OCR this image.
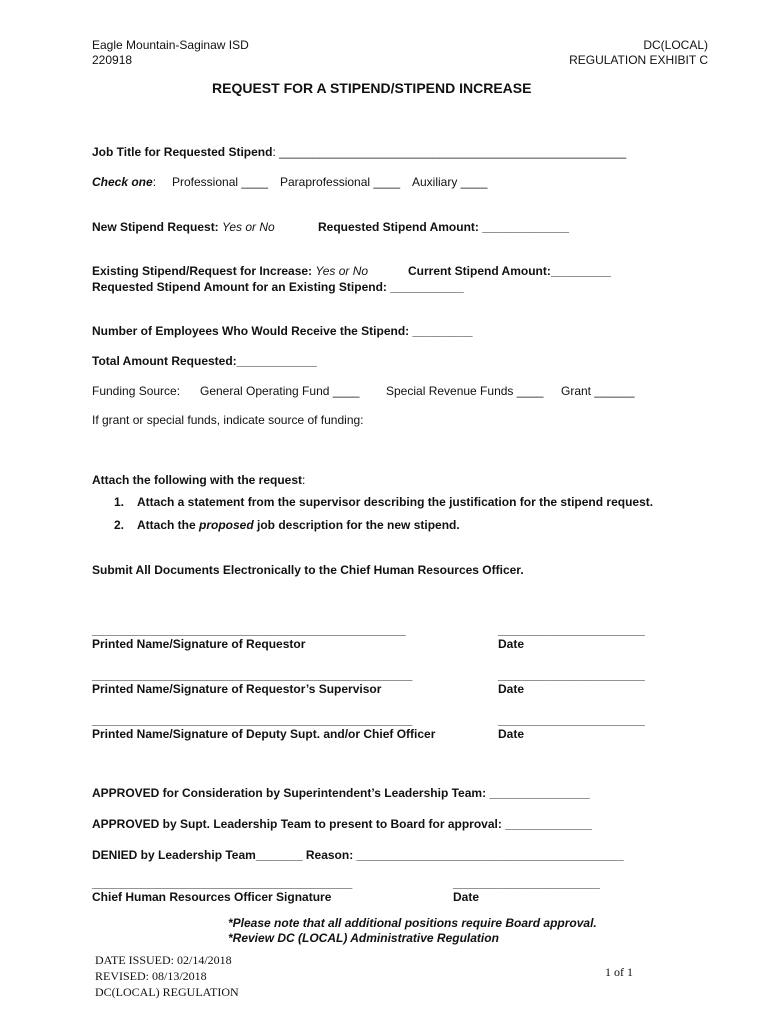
Eagle Mountain-Saginaw ISD
220918
DC(LOCAL)
REGULATION EXHIBIT C
REQUEST FOR A STIPEND/STIPEND INCREASE
Job Title for Requested Stipend: ____________________________________________________
Check one: Professional ____ Paraprofessional ____ Auxiliary ____
New Stipend Request: Yes or No	Requested Stipend Amount: _____________
Existing Stipend/Request for Increase: Yes or No	Current Stipend Amount:_________
Requested Stipend Amount for an Existing Stipend: ___________
Number of Employees Who Would Receive the Stipend: _________
Total Amount Requested:____________
Funding Source: General Operating Fund ____ Special Revenue Funds ____ Grant ______
If grant or special funds, indicate source of funding:
Attach the following with the request:
1. Attach a statement from the supervisor describing the justification for the stipend request.
2. Attach the proposed job description for the new stipend.
Submit All Documents Electronically to the Chief Human Resources Officer.
_______________________________________________
Printed Name/Signature of Requestor
______________________
Date
________________________________________________
Printed Name/Signature of Requestor’s Supervisor
______________________
Date
________________________________________________
Printed Name/Signature of Deputy Supt. and/or Chief Officer
______________________
Date
APPROVED for Consideration by Superintendent’s Leadership Team: _______________
APPROVED by Supt. Leadership Team to present to Board for approval: _____________
DENIED by Leadership Team_______ Reason: ________________________________________
_______________________________________
Chief Human Resources Officer Signature
______________________
Date
*Please note that all additional positions require Board approval.
*Review DC (LOCAL) Administrative Regulation
DATE ISSUED: 02/14/2018
REVISED: 08/13/2018
DC(LOCAL) REGULATION
1 of 1
